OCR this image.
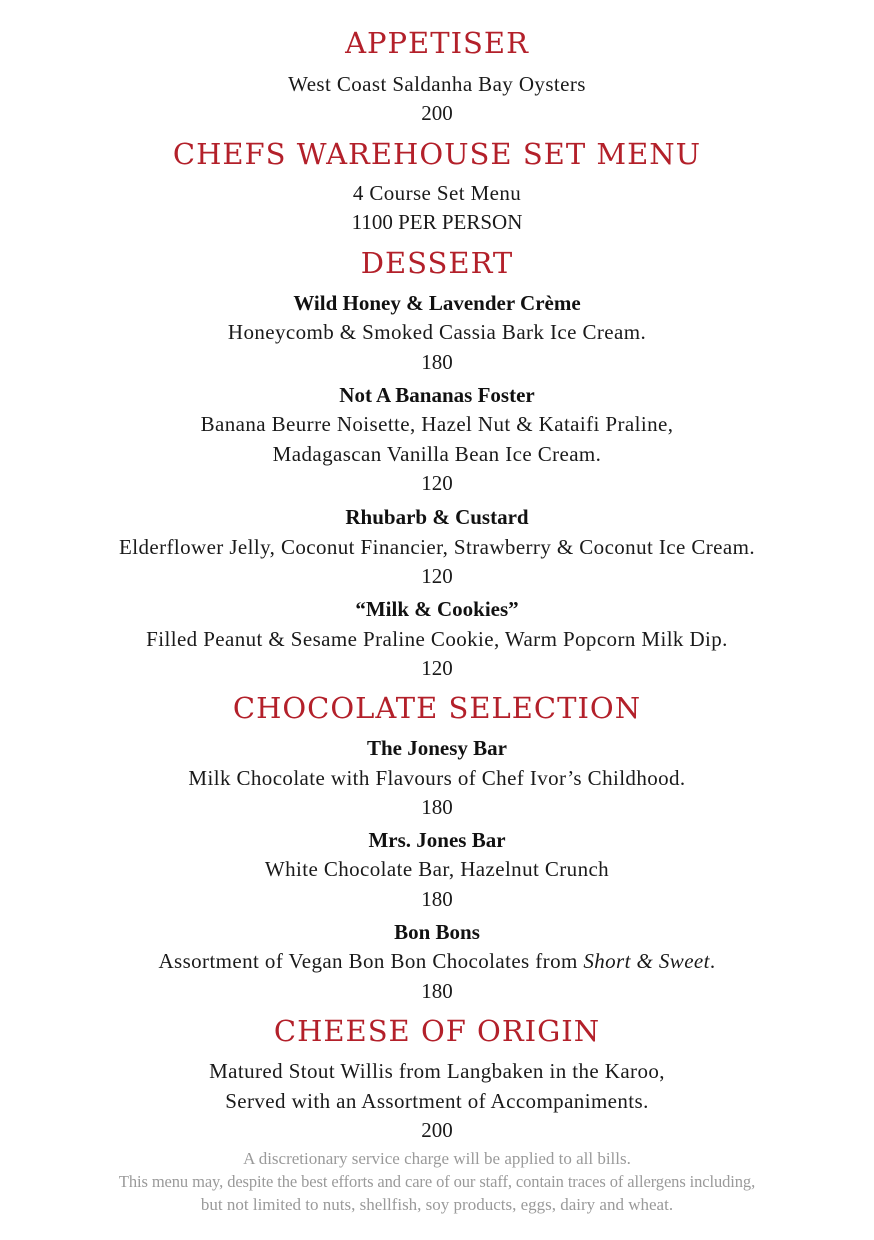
APPETISER
West Coast Saldanha Bay Oysters
200
CHEFS WAREHOUSE SET MENU
4 Course Set Menu
1100 PER PERSON
DESSERT
Wild Honey & Lavender Crème
Honeycomb & Smoked Cassia Bark Ice Cream.
180
Not A Bananas Foster
Banana Beurre Noisette, Hazel Nut & Kataifi Praline,
Madagascan Vanilla Bean Ice Cream.
120
Rhubarb & Custard
Elderflower Jelly, Coconut Financier, Strawberry & Coconut Ice Cream.
120
“Milk & Cookies”
Filled Peanut & Sesame Praline Cookie, Warm Popcorn Milk Dip.
120
CHOCOLATE SELECTION
The Jonesy Bar
Milk Chocolate with Flavours of Chef Ivor’s Childhood.
180
Mrs. Jones Bar
White Chocolate Bar, Hazelnut Crunch
180
Bon Bons
Assortment of Vegan Bon Bon Chocolates from Short & Sweet.
180
CHEESE OF ORIGIN
Matured Stout Willis from Langbaken in the Karoo,
Served with an Assortment of Accompaniments.
200
A discretionary service charge will be applied to all bills.
This menu may, despite the best efforts and care of our staff, contain traces of allergens including,
but not limited to nuts, shellfish, soy products, eggs, dairy and wheat.
